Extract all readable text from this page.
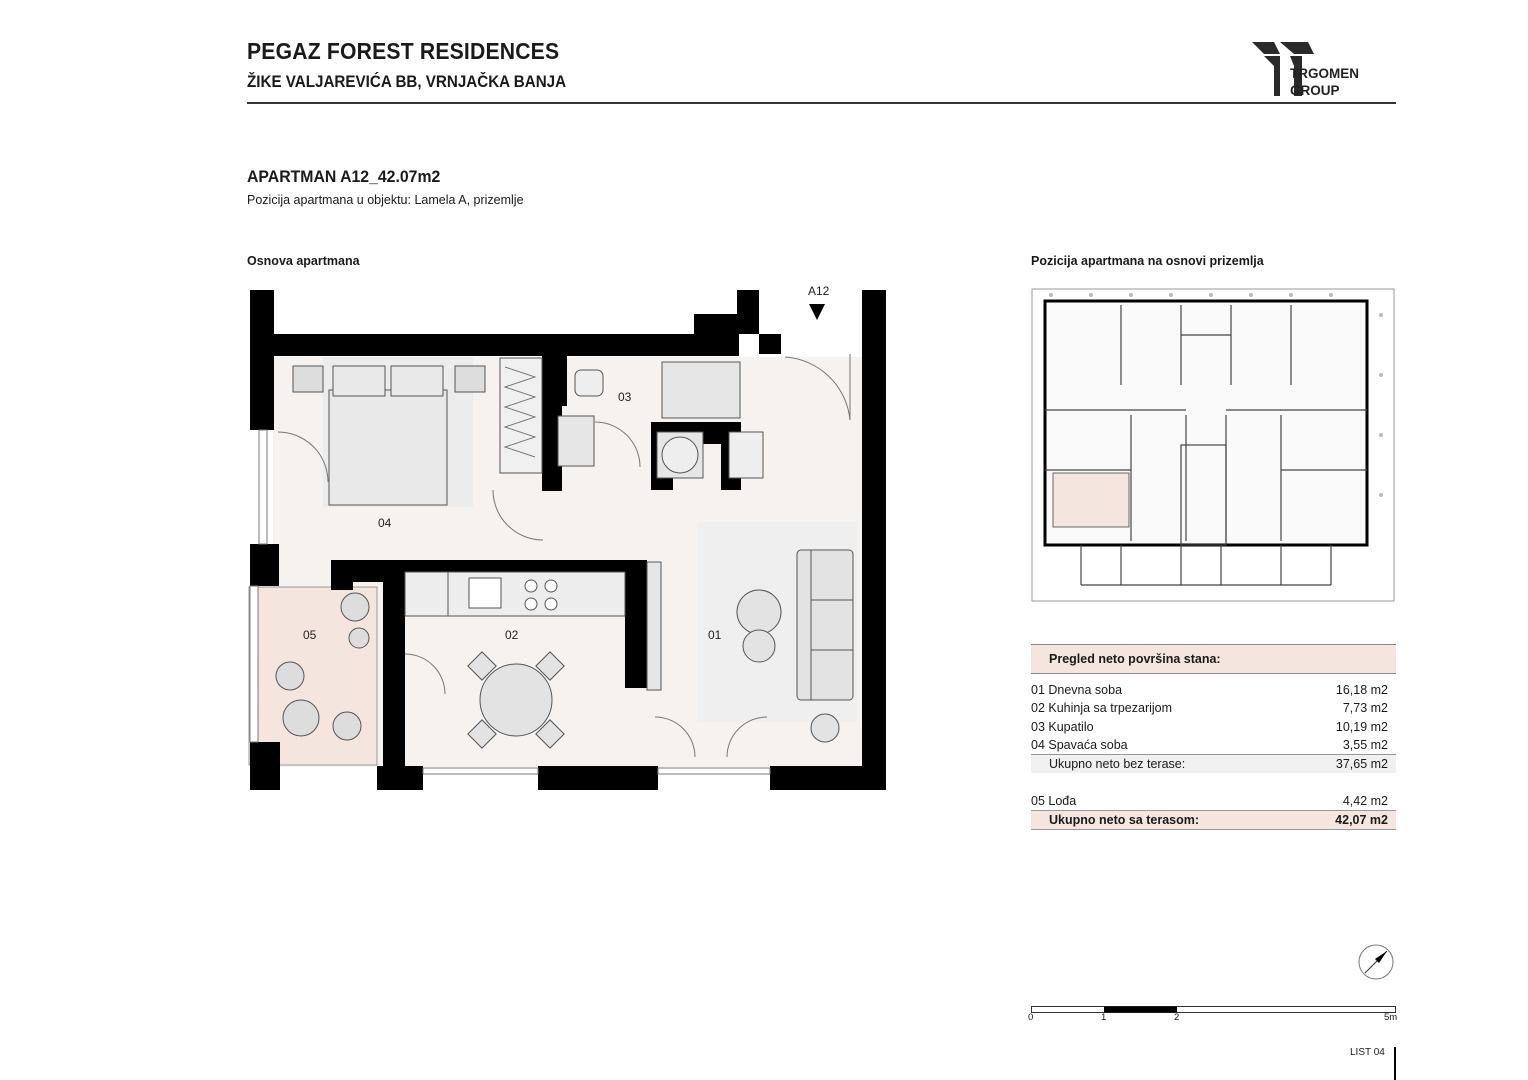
PEGAZ FOREST RESIDENCES
ŽIKE VALJAREVIĆA BB, VRNJAČKA BANJA	TRGOMEN
GROUP
APARTMAN A12_42.07m2
Pozicija apartmana u objektu: Lamela A, prizemlje
Osnova apartmana	Pozicija apartmana na osnovi prizemlja
A12
01
02
03
04
05
Pregled neto površina stana:
01 Dnevna soba	16,18 m2
02 Kuhinja sa trpezarijom	7,73 m2
03 Kupatilo	10,19 m2
04 Spavaća soba	3,55 m2
Ukupno neto bez terase:	37,65 m2
05 Lođa	4,42 m2
Ukupno neto sa terasom:	42,07 m2
0	1	2	5m
LIST 04
